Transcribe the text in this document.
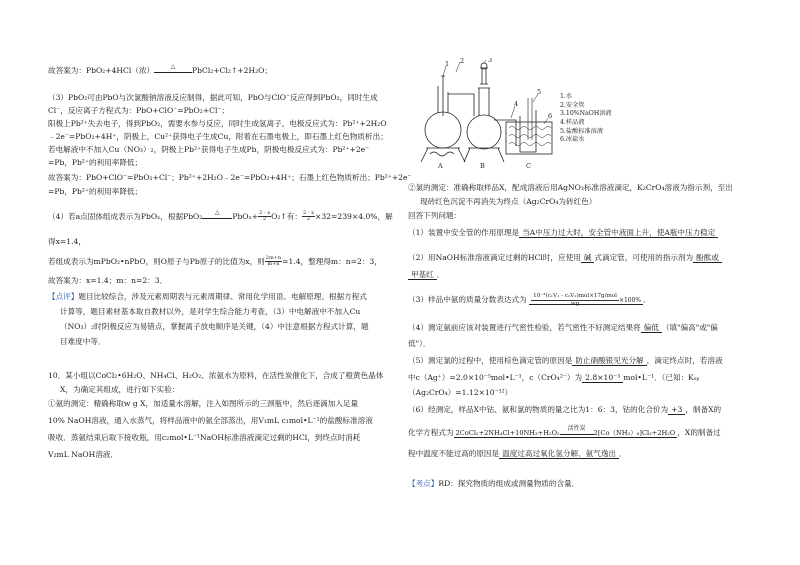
故答案为：PbO₂+4HCl（浓）	△	PbCl₂+Cl₂↑+2H₂O；
（3）PbO₂可由PbO与次氯酸钠溶液反应制得，据此可知，PbO与ClO⁻反应得到PbO₂，同时生成
Cl⁻，反应离子方程式为：PbO+ClO⁻=PbO₂+Cl⁻；
阳极上Pb²⁺失去电子，得到PbO₂，需要水参与反应，同时生成氢离子，电极反应式为：Pb²⁺+2H₂O
﹣2e⁻=PbO₂+4H⁺，阴极上，Cu²⁺获得电子生成Cu，附着在石墨电极上，即石墨上红色物质析出；
若电解液中不加入Cu（NO₃）₂，阴极上Pb²⁺获得电子生成Pb，阴极电极反应式为：Pb²⁺+2e⁻
=Pb，Pb²⁺的利用率降低；
故答案为：PbO+ClO⁻=PbO₂+Cl⁻；Pb²⁺+2H₂O﹣2e⁻=PbO₂+4H⁺；石墨上红色物质析出；Pb²⁺+2e⁻
=Pb，Pb²⁺的利用率降低；
（4）若a点固体组成表示为PbOₓ，根据PbO₂	△	$PbO_x+ \frac{2﹣x}{2}$ O₂↑有： $\frac{2﹣x}{2} \times 32=239\times 4.0\%$，解
得x=1.4，
若组成表示为mPbO₂•nPbO，则O原子与Pb原子的比值为x，则 $\frac{2m+n}{m+n} =1.4$，整理得m：n=2：3，
故答案为：x=1.4；m：n=2：3．
【点评】题目比较综合，涉及元素周期表与元素周期律、常用化学用语、电解原理、根据方程式
计算等，题目素材基本取自教材以外，是对学生综合能力考查，（3）中电解液中不加入Cu
（NO₃）₂时阴极反应为易错点，掌握离子放电顺序是关键，（4）中注意根据方程式计算，题
目难度中等．
10．某小组以CoCl₂•6H₂O、NH₄Cl、H₂O₂、浓氨水为原料，在活性炭催化下，合成了橙黄色晶体
X，为确定其组成，进行如下实验：
①氨的测定：精确称取w g X，加适量水溶解，注入如图所示的三颈瓶中，然后逐滴加入足量
10% NaOH溶液，通入水蒸气，将样品液中的氨全部蒸出，用V₁mL c₁mol•L⁻¹的盐酸标准溶液
吸收．蒸氨结束后取下接收瓶，用c₂mol•L⁻¹NaOH标准溶液滴定过剩的HCl，到终点时消耗
V₂mL NaOH溶液．
1 2	3
4
5
6
A	B	C
1.水
2.安全管
3.10%NaOH溶液
4.样品液
5.盐酸标准溶液
6.冰盐水
②氯的测定：准确称取样品X，配成溶液后用AgNO₃标准溶液滴定，K₂CrO₄溶液为指示剂，至出
现砖红色沉淀不再消失为终点（Ag₂CrO₄为砖红色）
回答下列问题：
（1）装置中安全管的作用原理是 当A中压力过大时，安全管中液面上升，使A瓶中压力稳定
（2）用NaOH标准溶液滴定过剩的HCl时，应使用 碱 式滴定管，可使用的指示剂为 酚酞或
甲基红 ．
（3）样品中氨的质量分数表达式为 $\frac{\text{10⁻³(c₁V₁﹣c₂V₂)mol×17g/mol}}{wg} \times 100\%$ ．
（4）测定氨前应该对装置进行气密性检验，若气密性不好测定结果将 偏低 （填"偏高"或"偏
低"）．
（5）测定氯的过程中，使用棕色滴定管的原因是 防止硝酸银见光分解 ，滴定终点时，若溶液
中c（Ag⁺）=2.0×10⁻⁵mol•L⁻¹，c（CrO₄²⁻）为 2.8×10⁻³ mol•L⁻¹．（已知：Kₛₚ
（Ag₂CrO₄）=1.12×10⁻¹²）
（6）经测定，样品X中钴、氨和氯的物质的量之比为1：6：3，钴的化合价为 +3 ，制备X的
化学方程式为 2CoCl₂+2NH₄Cl+10NH₃+H₂O₂
活性炭
2[Co（NH₃）₆]Cl₃+2H₂O ，X的制备过
程中温度不能过高的原因是 温度过高过氧化氢分解、氨气逸出 ．
【考点】RD：探究物质的组成或测量物质的含量．
